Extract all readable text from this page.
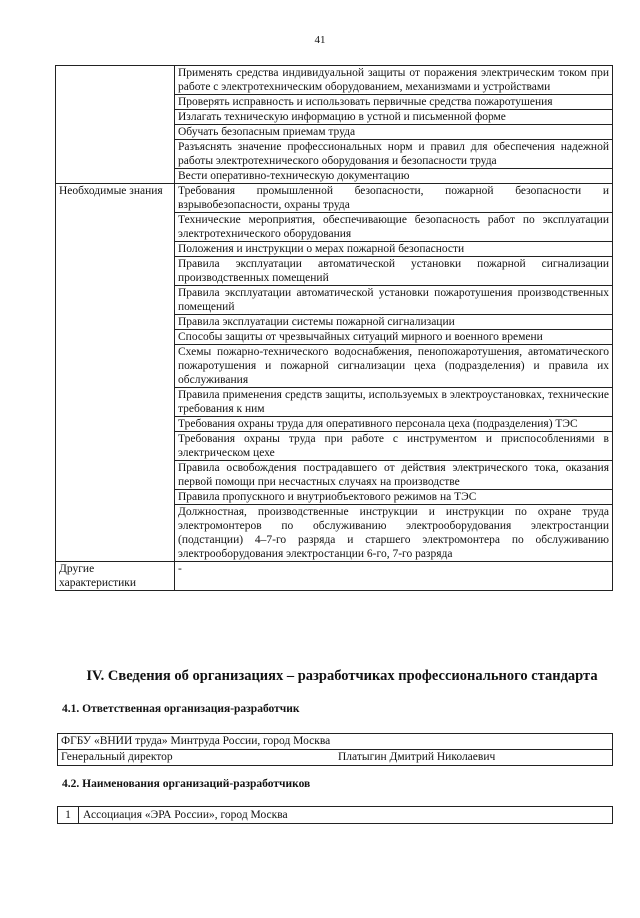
41
	Применять средства индивидуальной защиты от поражения электрическим током при работе с электротехническим оборудованием, механизмами и устройствами
	Проверять исправность и использовать первичные средства пожаротушения
	Излагать техническую информацию в устной и письменной форме
	Обучать безопасным приемам труда
	Разъяснять значение профессиональных норм и правил для обеспечения надежной работы электротехнического оборудования и безопасности труда
	Вести оперативно-техническую документацию
Необходимые знания	Требования промышленной безопасности, пожарной безопасности и взрывобезопасности, охраны труда
	Технические мероприятия, обеспечивающие безопасность работ по эксплуатации электротехнического оборудования
	Положения и инструкции о мерах пожарной безопасности
	Правила эксплуатации автоматической установки пожарной сигнализации производственных помещений
	Правила эксплуатации автоматической установки пожаротушения производственных помещений
	Правила эксплуатации системы пожарной сигнализации
	Способы защиты от чрезвычайных ситуаций мирного и военного времени
	Схемы пожарно-технического водоснабжения, пенопожаротушения, автоматического пожаротушения и пожарной сигнализации цеха (подразделения) и правила их обслуживания
	Правила применения средств защиты, используемых в электроустановках, технические требования к ним
	Требования охраны труда для оперативного персонала цеха (подразделения) ТЭС
	Требования охраны труда при работе с инструментом и приспособлениями в электрическом цехе
	Правила освобождения пострадавшего от действия электрического тока, оказания первой помощи при несчастных случаях на производстве
	Правила пропускного и внутриобъектового режимов на ТЭС
	Должностная, производственные инструкции и инструкции по охране труда электромонтеров по обслуживанию электрооборудования электростанции (подстанции) 4–7-го разряда и старшего электромонтера по обслуживанию электрооборудования электростанции 6-го, 7-го разряда
Другие характеристики	-
IV. Сведения об организациях – разработчиках профессионального стандарта
4.1. Ответственная организация-разработчик
ФГБУ «ВНИИ труда» Минтруда России, город Москва
Генеральный директор	Платыгин Дмитрий Николаевич
4.2. Наименования организаций-разработчиков
1	Ассоциация «ЭРА России», город Москва
